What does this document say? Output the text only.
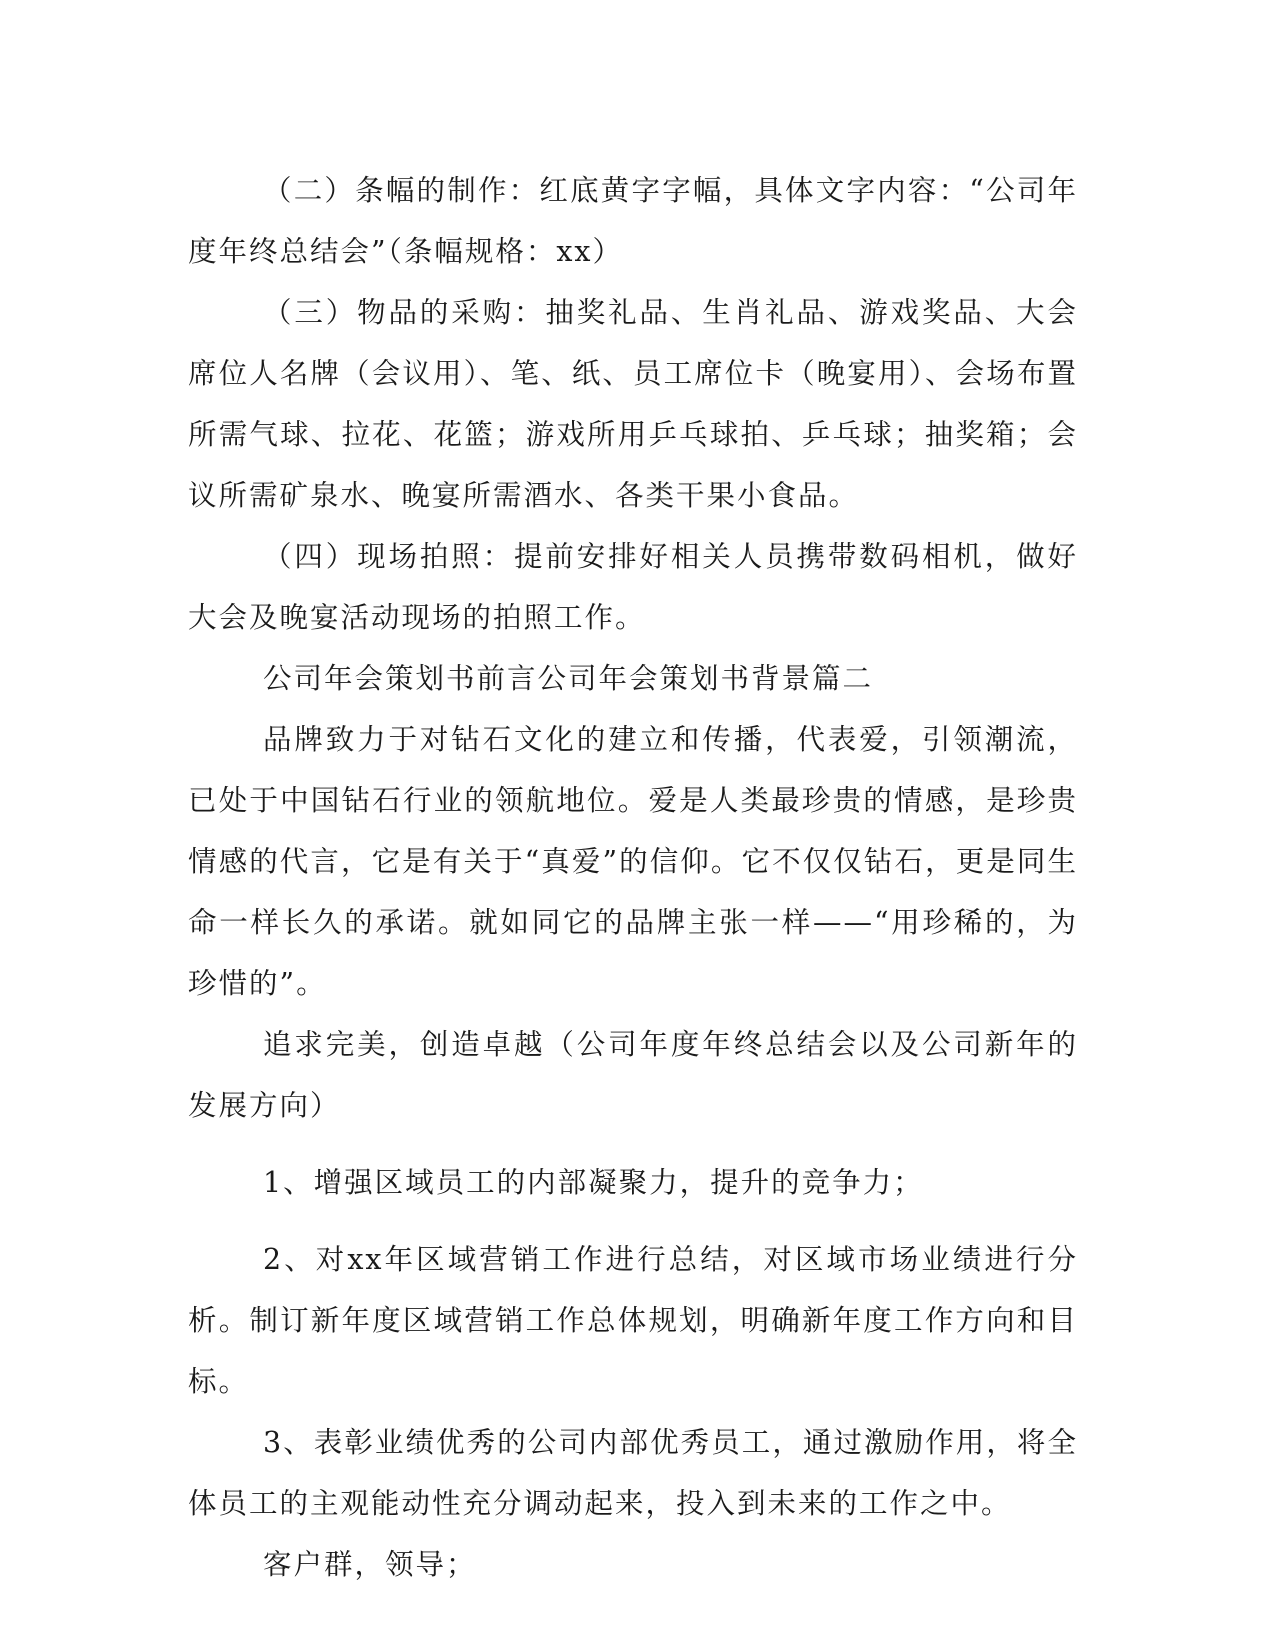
（二）条幅的制作：红底黄字字幅，具体文字内容：“公司年度年终总结会”（条幅规格：xx）

（三）物品的采购：抽奖礼品、生肖礼品、游戏奖品、大会席位人名牌（会议用）、笔、纸、员工席位卡（晚宴用）、会场布置所需气球、拉花、花篮；游戏所用乒乓球拍、乒乓球；抽奖箱；会议所需矿泉水、晚宴所需酒水、各类干果小食品。

（四）现场拍照：提前安排好相关人员携带数码相机，做好大会及晚宴活动现场的拍照工作。

公司年会策划书前言公司年会策划书背景篇二

品牌致力于对钻石文化的建立和传播，代表爱，引领潮流，已处于中国钻石行业的领航地位。爱是人类最珍贵的情感，是珍贵情感的代言，它是有关于“真爱”的信仰。它不仅仅钻石，更是同生命一样长久的承诺。就如同它的品牌主张一样——“用珍稀的，为珍惜的”。

追求完美，创造卓越（公司年度年终总结会以及公司新年的发展方向）

1、增强区域员工的内部凝聚力，提升的竞争力；

2、对xx年区域营销工作进行总结，对区域市场业绩进行分析。制订新年度区域营销工作总体规划，明确新年度工作方向和目标。

3、表彰业绩优秀的公司内部优秀员工，通过激励作用，将全体员工的主观能动性充分调动起来，投入到未来的工作之中。

客户群，领导；
